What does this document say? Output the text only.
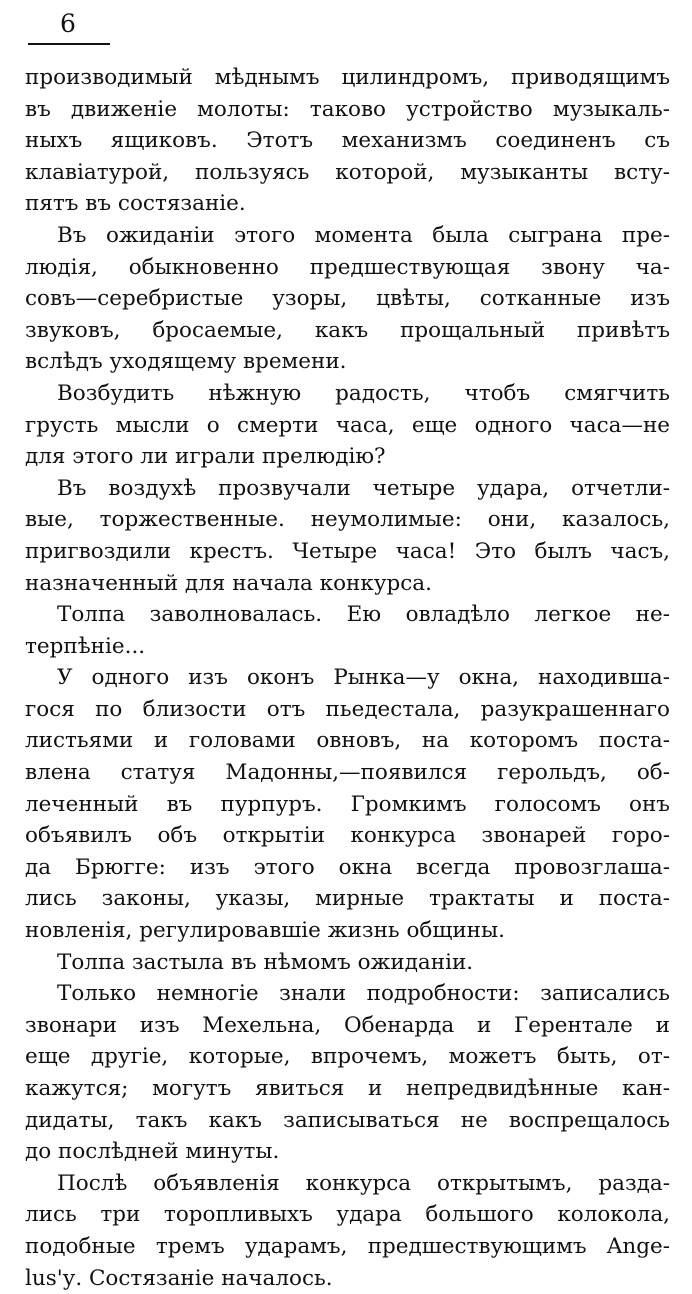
6
производимый мѣднымъ цилиндромъ, приводящимъ
въ движеніе молоты: таково устройство музыкаль-
ныхъ ящиковъ. Этотъ механизмъ соединенъ съ
клавіатурой, пользуясь которой, музыканты всту-
пятъ въ состязаніе.
Въ ожиданіи этого момента была сыграна пре-
людія, обыкновенно предшествующая звону ча-
совъ—серебристые узоры, цвѣты, сотканные изъ
звуковъ, бросаемые, какъ прощальный привѣтъ
вслѣдъ уходящему времени.
Возбудить нѣжную радость, чтобъ смягчить
грусть мысли о смерти часа, еще одного часа—не
для этого ли играли прелюдію?
Въ воздухѣ прозвучали четыре удара, отчетли-
вые, торжественные. неумолимые: они, казалось,
пригвоздили крестъ. Четыре часа! Это былъ часъ,
назначенный для начала конкурса.
Толпа заволновалась. Ею овладѣло легкое не-
терпѣніе...
У одного изъ оконъ Рынка—у окна, находивша-
гося по близости отъ пьедестала, разукрашеннаго
листьями и головами овновъ, на которомъ поста-
влена статуя Мадонны,—появился герольдъ, об-
леченный въ пурпуръ. Громкимъ голосомъ онъ
объявилъ объ открытіи конкурса звонарей горо-
да Брюгге: изъ этого окна всегда провозглаша-
лись законы, указы, мирные трактаты и поста-
новленія, регулировавшіе жизнь общины.
Толпа застыла въ нѣмомъ ожиданіи.
Только немногіе знали подробности: записались
звонари изъ Мехельна, Обенарда и Герентале и
еще другіе, которые, впрочемъ, можетъ быть, от-
кажутся; могутъ явиться и непредвидѣнные кан-
дидаты, такъ какъ записываться не воспрещалось
до послѣдней минуты.
Послѣ объявленія конкурса открытымъ, разда-
лись три торопливыхъ удара большого колокола,
подобные тремъ ударамъ, предшествующимъ Ange-
lus'у. Состязаніе началось.
